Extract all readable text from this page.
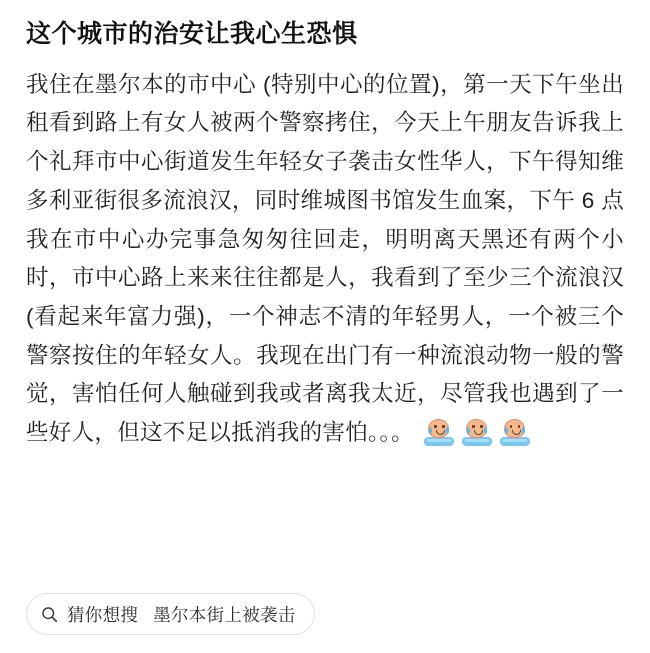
这个城市的治安让我心生恐惧
我住在墨尔本的市中心 (特别中心的位置)，第一天下午坐出租看到路上有女人被两个警察拷住，今天上午朋友告诉我上个礼拜市中心街道发生年轻女子袭击女性华人，下午得知维多利亚街很多流浪汉，同时维城图书馆发生血案，下午 6 点我在市中心办完事急匆匆往回走，明明离天黑还有两个小时，市中心路上来来往往都是人，我看到了至少三个流浪汉 (看起来年富力强)，一个神志不清的年轻男人，一个被三个警察按住的年轻女人。我现在出门有一种流浪动物一般的警觉，害怕任何人触碰到我或者离我太近，尽管我也遇到了一些好人，但这不足以抵消我的害怕。。。

猜你想搜 墨尔本街上被袭击
